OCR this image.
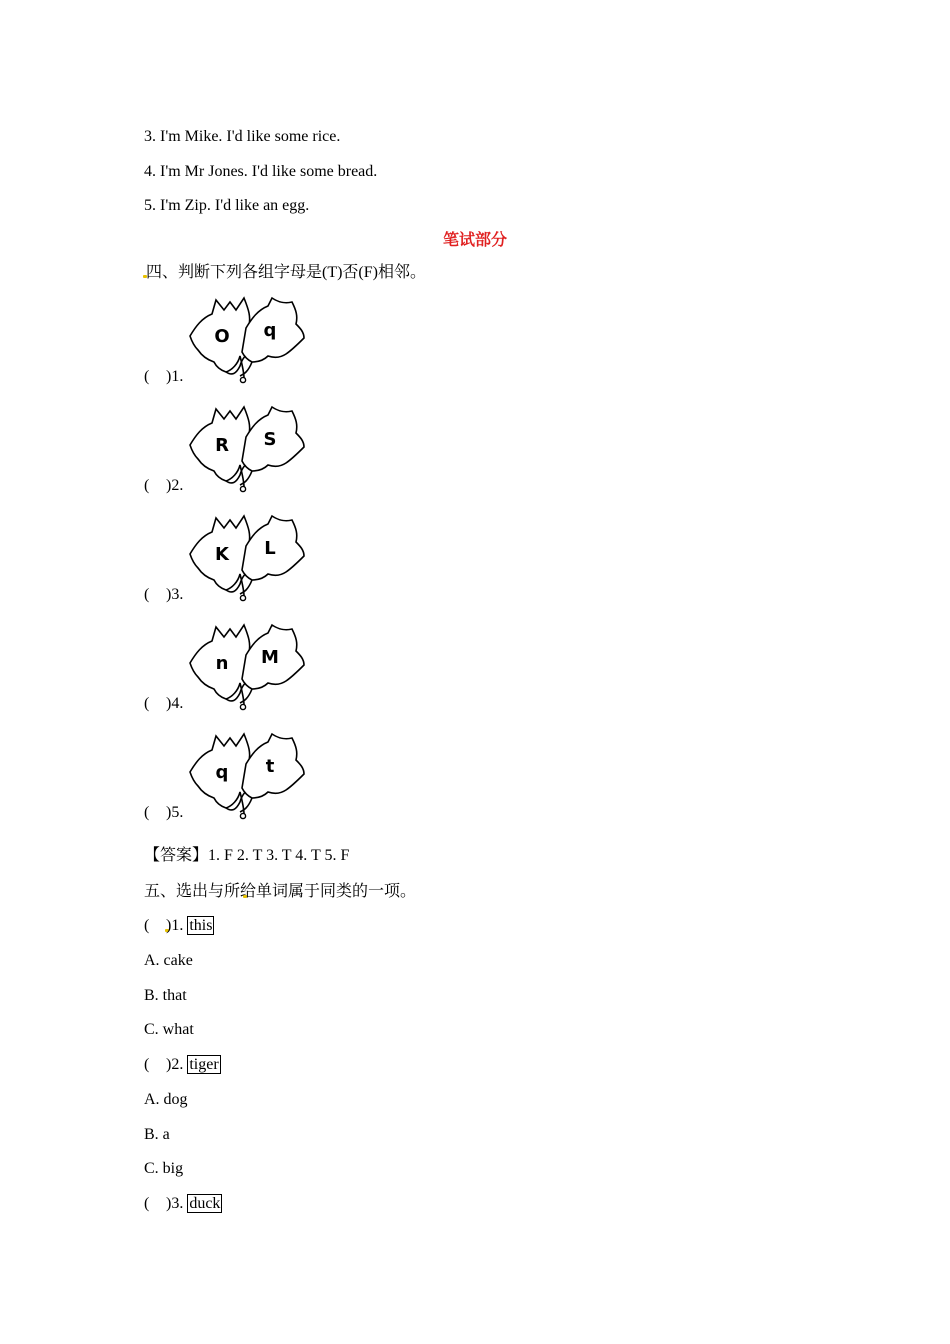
3. I'm Mike. I'd like some rice.
4. I'm Mr Jones. I'd like some bread.
5. I'm Zip. I'd like an egg.
笔试部分
四、判断下列各组字母是(T)否(F)相邻。
O q
( )1.
R S
( )2.
K L
( )3.
n M
( )4.
q t
( )5.
【答案】1. F 2. T 3. T 4. T 5. F
五、选出与所给单词属于同类的一项。
( )1. this
A. cake
B. that
C. what
( )2. tiger
A. dog
B. a
C. big
( )3. duck
